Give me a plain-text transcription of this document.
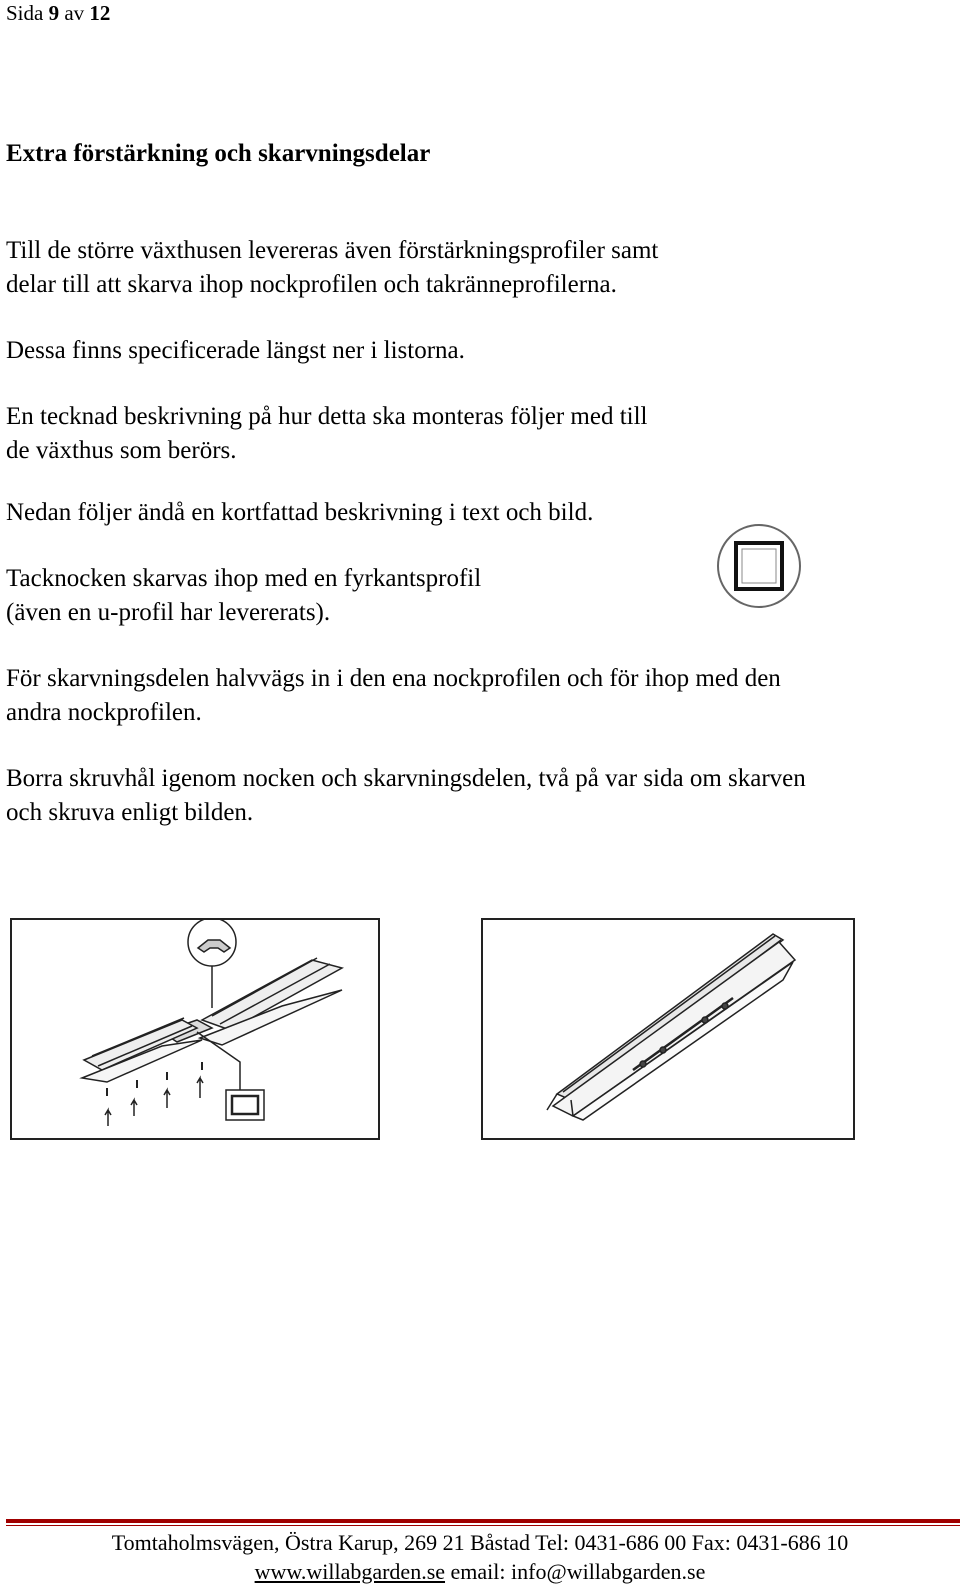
Sida 9 av 12
Extra förstärkning och skarvningsdelar
Till de större växthusen levereras även förstärkningsprofiler samt
delar till att skarva ihop nockprofilen och takränneprofilerna.
Dessa finns specificerade längst ner i listorna.
En tecknad beskrivning på hur detta ska monteras följer med till
de växthus som berörs.
Nedan följer ändå en kortfattad beskrivning i text och bild.
Tacknocken skarvas ihop med en fyrkantsprofil
(även en u-profil har levererats).
För skarvningsdelen halvvägs in i den ena nockprofilen och för ihop med den
andra nockprofilen.
Borra skruvhål igenom nocken och skarvningsdelen, två på var sida om skarven
och skruva enligt bilden.
Tomtaholmsvägen, Östra Karup, 269 21 Båstad Tel: 0431-686 00 Fax: 0431-686 10
www.willabgarden.se email: info@willabgarden.se
